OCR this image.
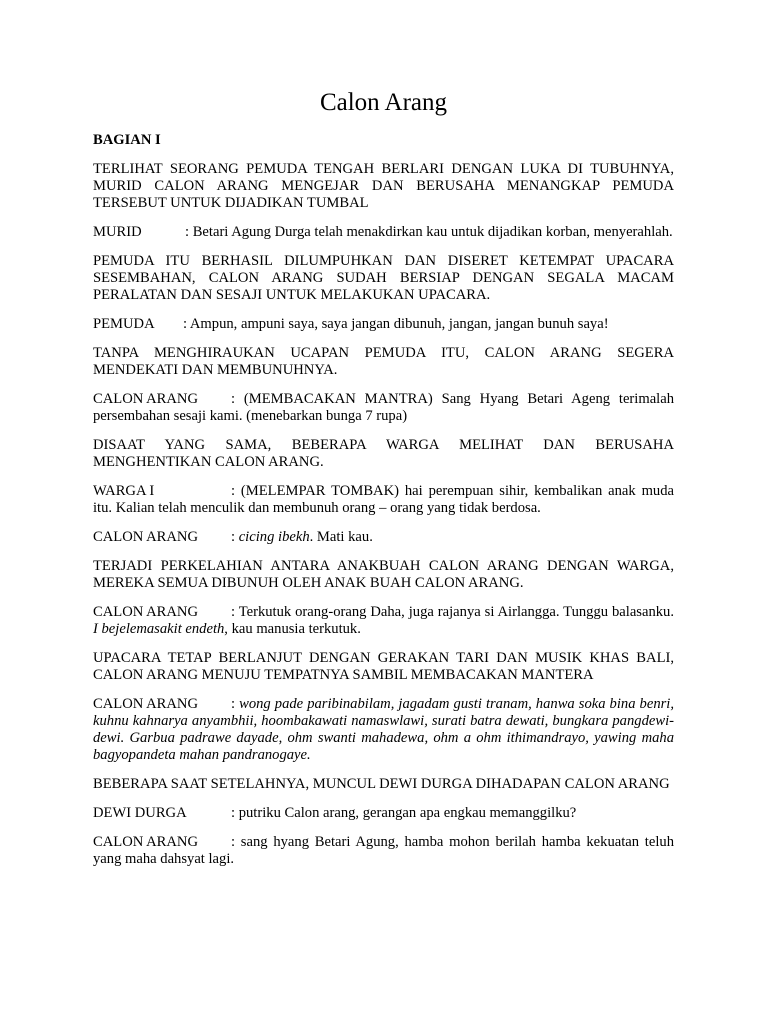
Calon Arang
BAGIAN I
TERLIHAT SEORANG PEMUDA TENGAH BERLARI DENGAN LUKA DI TUBUHNYA, MURID CALON ARANG MENGEJAR DAN BERUSAHA MENANGKAP PEMUDA TERSEBUT UNTUK DIJADIKAN TUMBAL
MURID	: Betari Agung Durga telah menakdirkan kau untuk dijadikan korban, menyerahlah.
PEMUDA ITU BERHASIL DILUMPUHKAN DAN DISERET KETEMPAT UPACARA SESEMBAHAN, CALON ARANG SUDAH BERSIAP DENGAN SEGALA MACAM PERALATAN DAN SESAJI UNTUK MELAKUKAN UPACARA.
PEMUDA : Ampun, ampuni saya, saya jangan dibunuh, jangan, jangan bunuh saya!
TANPA MENGHIRAUKAN UCAPAN PEMUDA ITU, CALON ARANG SEGERA MENDEKATI DAN MEMBUNUHNYA.
CALON ARANG : (MEMBACAKAN MANTRA) Sang Hyang Betari Ageng terimalah persembahan sesaji kami. (menebarkan bunga 7 rupa)
DISAAT YANG SAMA, BEBERAPA WARGA MELIHAT DAN BERUSAHA MENGHENTIKAN CALON ARANG.
WARGA I	: (MELEMPAR TOMBAK) hai perempuan sihir, kembalikan anak muda itu. Kalian telah menculik dan membunuh orang – orang yang tidak berdosa.
CALON ARANG : cicing ibekh. Mati kau.
TERJADI PERKELAHIAN ANTARA ANAKBUAH CALON ARANG DENGAN WARGA, MEREKA SEMUA DIBUNUH OLEH ANAK BUAH CALON ARANG.
CALON ARANG : Terkutuk orang-orang Daha, juga rajanya si Airlangga. Tunggu balasanku. I bejelemasakit endeth, kau manusia terkutuk.
UPACARA TETAP BERLANJUT DENGAN GERAKAN TARI DAN MUSIK KHAS BALI, CALON ARANG MENUJU TEMPATNYA SAMBIL MEMBACAKAN MANTERA
CALON ARANG : wong pade paribinabilam, jagadam gusti tranam, hanwa soka bina benri, kuhnu kahnarya anyambhii, hoombakawati namaswlawi, surati batra dewati, bungkara pangdewi-dewi. Garbua padrawe dayade, ohm swanti mahadewa, ohm a ohm ithimandrayo, yawing maha bagyopandeta mahan pandranogaye.
BEBERAPA SAAT SETELAHNYA, MUNCUL DEWI DURGA DIHADAPAN CALON ARANG
DEWI DURGA	: putriku Calon arang, gerangan apa engkau memanggilku?
CALON ARANG : sang hyang Betari Agung, hamba mohon berilah hamba kekuatan teluh yang maha dahsyat lagi.
